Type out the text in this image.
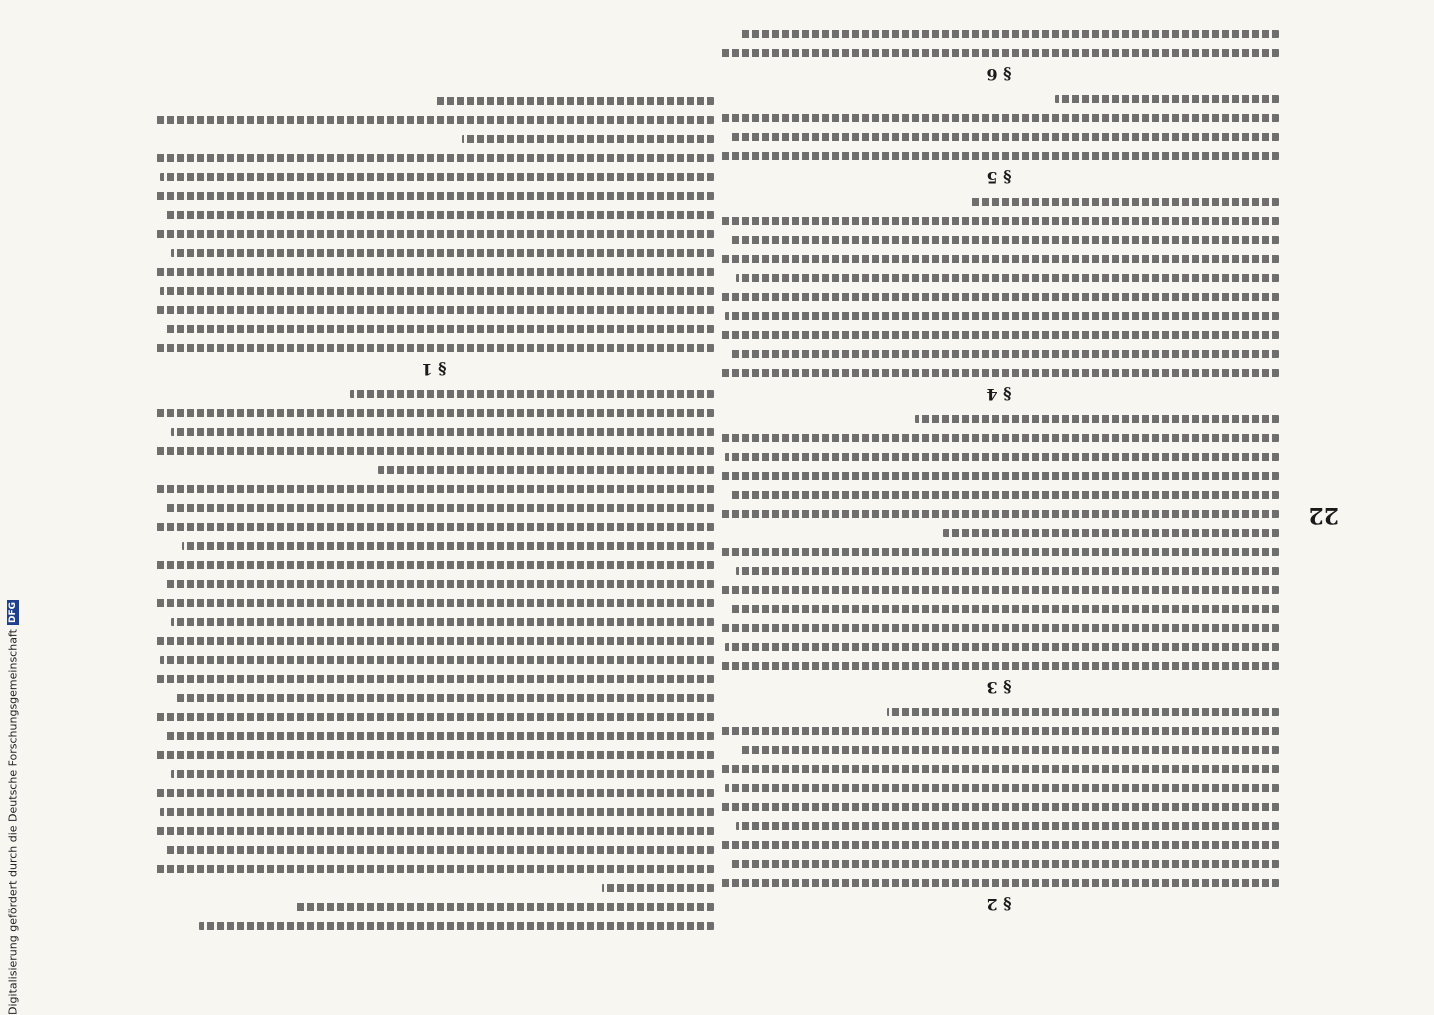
22
§ 2
§ 3
§ 4
§ 5
§ 6
§ 1
Digitalisierung gefördert durch die Deutsche Forschungsgemeinschaft
DFG
